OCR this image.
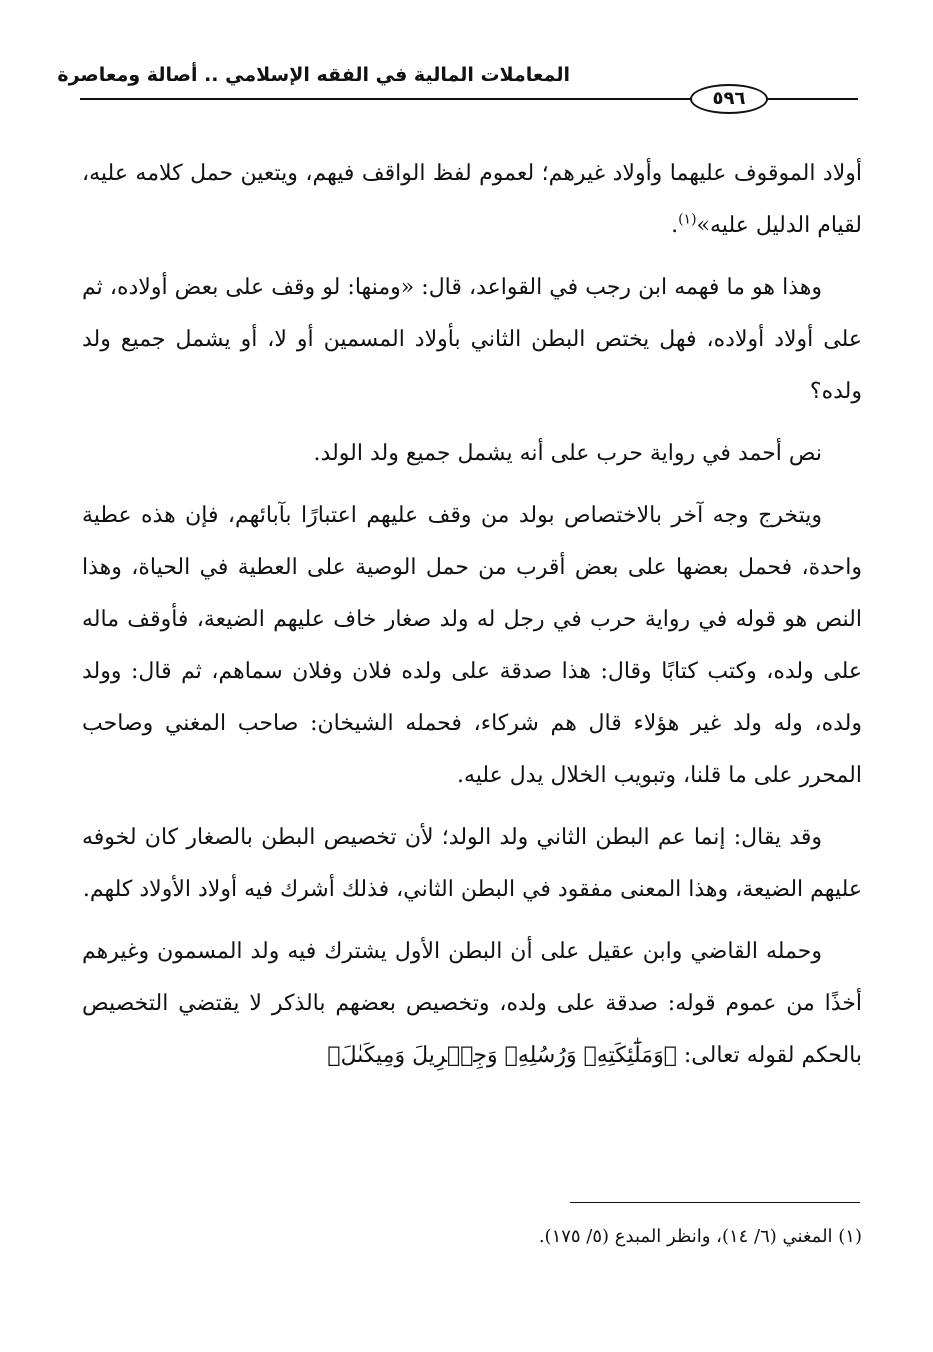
المعاملات المالية في الفقه الإسلامي .. أصالة ومعاصرة
٥٩٦

أولاد الموقوف عليهما وأولاد غيرهم؛ لعموم لفظ الواقف فيهم، ويتعين حمل كلامه عليه، لقيام الدليل عليه»$^{(١)}$.

وهذا هو ما فهمه ابن رجب في القواعد، قال: «ومنها: لو وقف على بعض أولاده، ثم على أولاد أولاده، فهل يختص البطن الثاني بأولاد المسمين أو لا، أو يشمل جميع ولد ولده؟

نص أحمد في رواية حرب على أنه يشمل جميع ولد الولد.

ويتخرج وجه آخر بالاختصاص بولد من وقف عليهم اعتبارًا بآبائهم، فإن هذه عطية واحدة، فحمل بعضها على بعض أقرب من حمل الوصية على العطية في الحياة، وهذا النص هو قوله في رواية حرب في رجل له ولد صغار خاف عليهم الضيعة، فأوقف ماله على ولده، وكتب كتابًا وقال: هذا صدقة على ولده فلان وفلان سماهم، ثم قال: وولد ولده، وله ولد غير هؤلاء قال هم شركاء، فحمله الشيخان: صاحب المغني وصاحب المحرر على ما قلنا، وتبويب الخلال يدل عليه.

وقد يقال: إنما عم البطن الثاني ولد الولد؛ لأن تخصيص البطن بالصغار كان لخوفه عليهم الضيعة، وهذا المعنى مفقود في البطن الثاني، فذلك أشرك فيه أولاد الأولاد كلهم.

وحمله القاضي وابن عقيل على أن البطن الأول يشترك فيه ولد المسمون وغيرهم أخذًا من عموم قوله: صدقة على ولده، وتخصيص بعضهم بالذكر لا يقتضي التخصيص بالحكم لقوله تعالى: ﴿وَمَلَٰٓئِكَتِهِۦ وَرُسُلِهِۦ وَجِبۡرِيلَ وَمِيكَىٰلَ﴾

(١) المغني (٦/ ١٤)، وانظر المبدع (٥/ ١٧٥).
